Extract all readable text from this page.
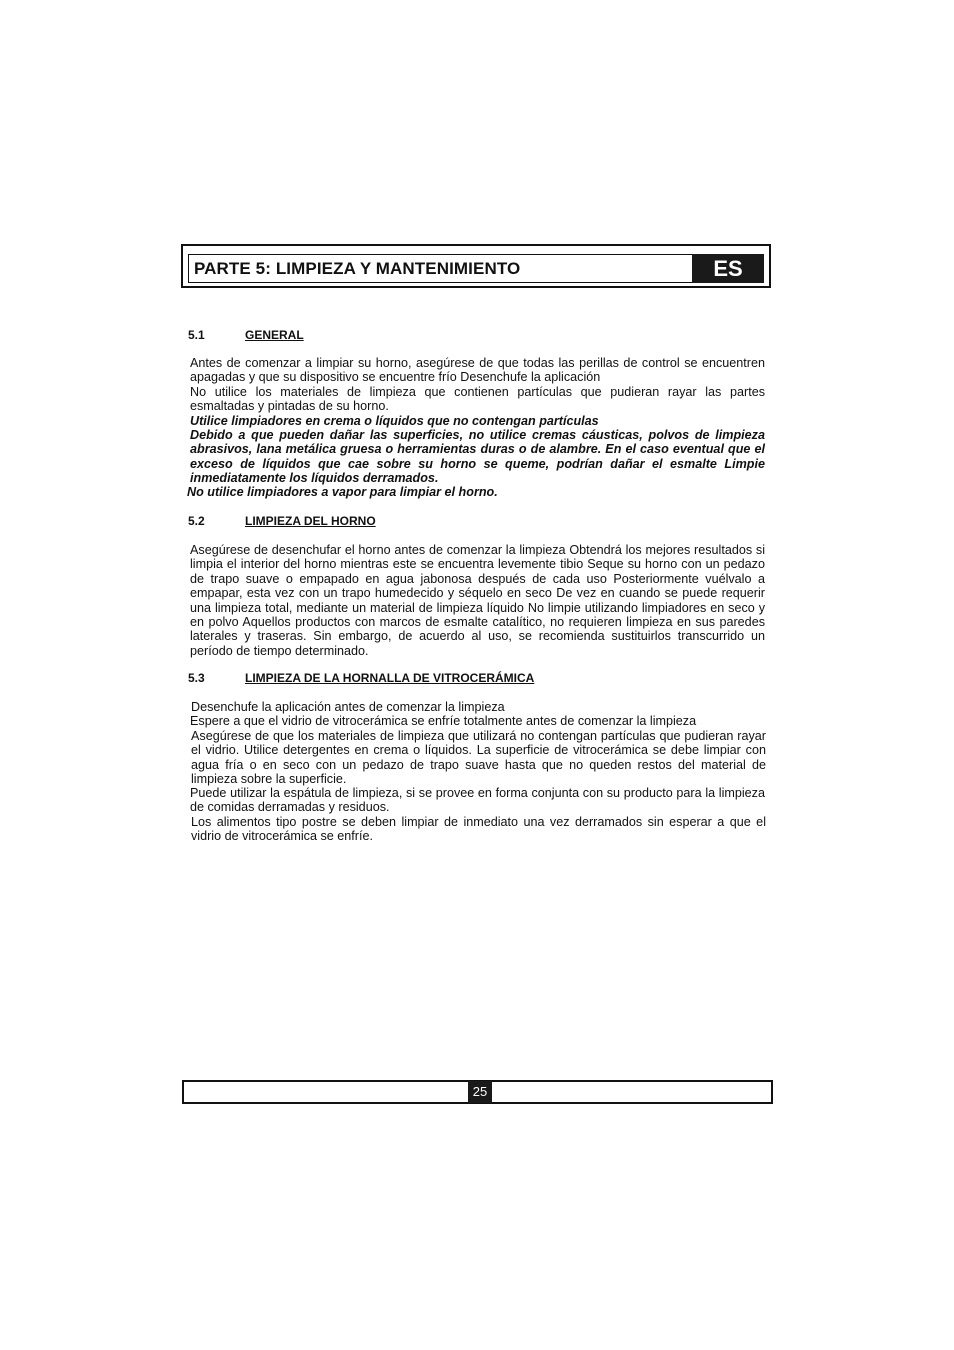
PARTE 5: LIMPIEZA Y MANTENIMIENTO	ES
5.1	GENERAL

Antes de comenzar a limpiar su horno, asegúrese de que todas las perillas de control se encuentren apagadas y que su dispositivo se encuentre frío Desenchufe la aplicación

No utilice los materiales de limpieza que contienen partículas que pudieran rayar las partes esmaltadas y pintadas de su horno.

Utilice limpiadores en crema o líquidos que no contengan partículas

Debido a que pueden dañar las superficies, no utilice cremas cáusticas, polvos de limpieza abrasivos, lana metálica gruesa o herramientas duras o de alambre. En el caso eventual que el exceso de líquidos que cae sobre su horno se queme, podrían dañar el esmalte Limpie inmediatamente los líquidos derramados.

No utilice limpiadores a vapor para limpiar el horno.

5.2	LIMPIEZA DEL HORNO

Asegúrese de desenchufar el horno antes de comenzar la limpieza Obtendrá los mejores resultados si limpia el interior del horno mientras este se encuentra levemente tibio Seque su horno con un pedazo de trapo suave o empapado en agua jabonosa después de cada uso Posteriormente vuélvalo a empapar, esta vez con un trapo humedecido y séquelo en seco De vez en cuando se puede requerir una limpieza total, mediante un material de limpieza líquido No limpie utilizando limpiadores en seco y en polvo Aquellos productos con marcos de esmalte catalítico, no requieren limpieza en sus paredes laterales y traseras. Sin embargo, de acuerdo al uso, se recomienda sustituirlos transcurrido un período de tiempo determinado.

5.3	LIMPIEZA DE LA HORNALLA DE VITROCERÁMICA

Desenchufe la aplicación antes de comenzar la limpieza

Espere a que el vidrio de vitrocerámica se enfríe totalmente antes de comenzar la limpieza

Asegúrese de que los materiales de limpieza que utilizará no contengan partículas que pudieran rayar el vidrio. Utilice detergentes en crema o líquidos. La superficie de vitrocerámica se debe limpiar con agua fría o en seco con un pedazo de trapo suave hasta que no queden restos del material de limpieza sobre la superficie.

Puede utilizar la espátula de limpieza, si se provee en forma conjunta con su producto para la limpieza de comidas derramadas y residuos.

Los alimentos tipo postre se deben limpiar de inmediato una vez derramados sin esperar a que el vidrio de vitrocerámica se enfríe.

25
